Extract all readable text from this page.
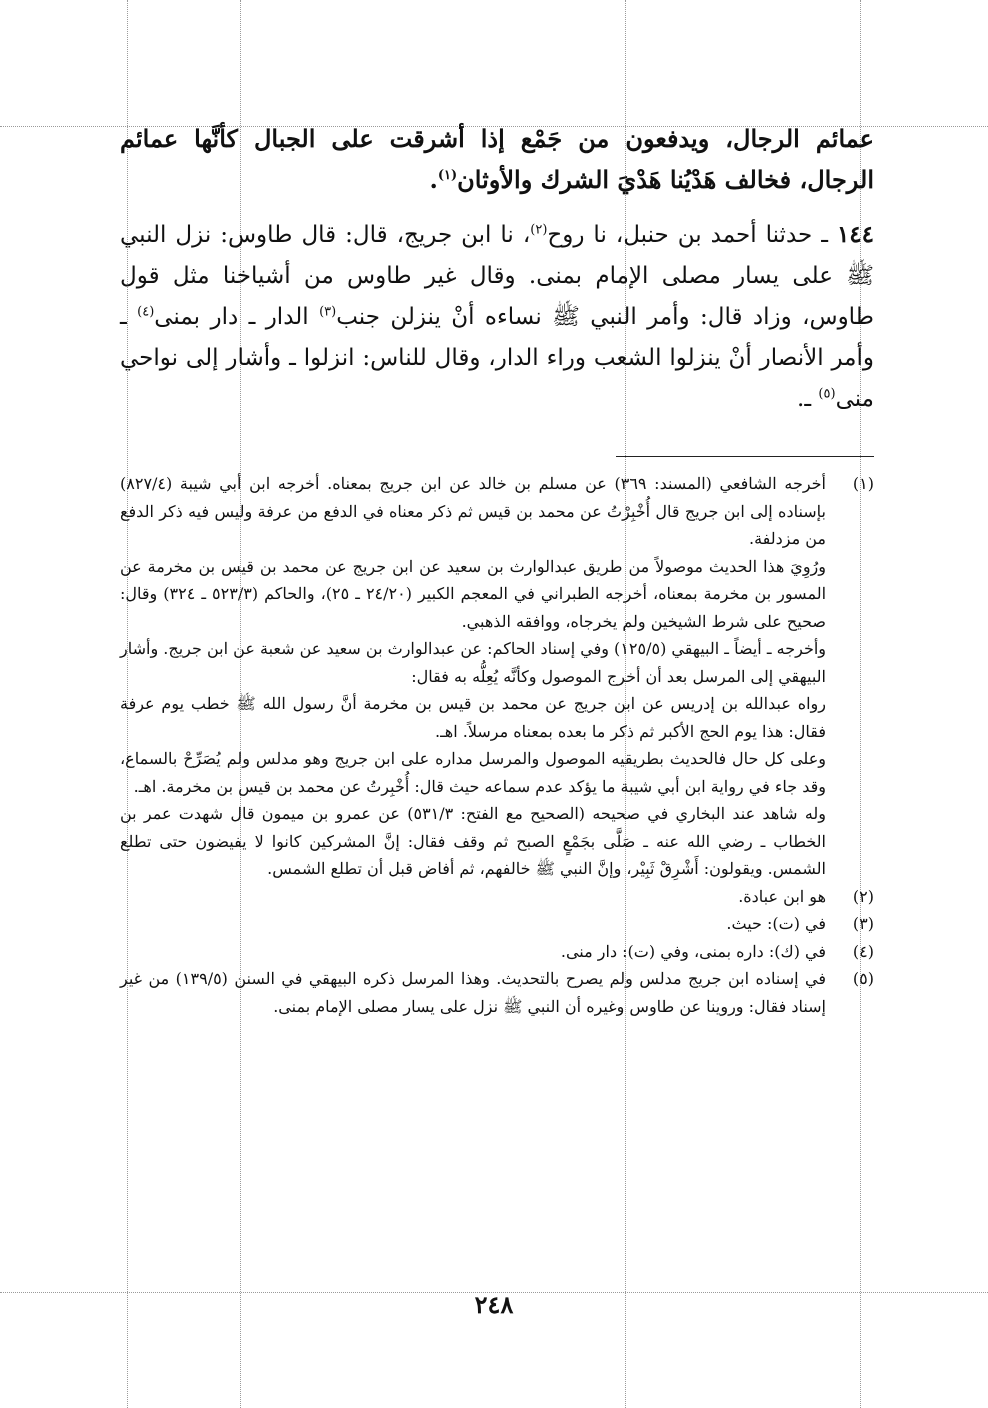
عمائم الرجال، ويدفعون من جَمْع إذا أشرقت على الجبال كأنَّها عمائم الرجال، فخالف هَدْيُنا هَدْيَ الشرك والأوثان$^{(١)}$.
١٤٤ ـ حدثنا أحمد بن حنبل، نا روح$^{(٢)}$، نا ابن جريج، قال: قال طاوس: نزل النبي ﷺ على يسار مصلى الإمام بمنى. وقال غير طاوس من أشياخنا مثل قول طاوس، وزاد قال: وأمر النبي ﷺ نساءه أنْ ينزلن جنب$^{(٣)}$ الدار ـ دار بمنى$^{(٤)}$ ـ وأمر الأنصار أنْ ينزلوا الشعب وراء الدار، وقال للناس: انزلوا ـ وأشار إلى نواحي منى$^{(٥)}$ ـ.
(١)

أخرجه الشافعي (المسند: ٣٦٩) عن مسلم بن خالد عن ابن جريج بمعناه. أخرجه ابن أبي شيبة (٨٢٧/٤) بإسناده إلى ابن جريج قال أُخْبِرْتُ عن محمد بن قيس ثم ذكر معناه في الدفع من عرفة وليس فيه ذكر الدفع من مزدلفة.

ورُوِيَ هذا الحديث موصولاً من طريق عبدالوارث بن سعيد عن ابن جريج عن محمد بن قيس بن مخرمة عن المسور بن مخرمة بمعناه، أخرجه الطبراني في المعجم الكبير (٢٤/٢٠ ـ ٢٥)، والحاكم (٥٢٣/٣ ـ ٣٢٤) وقال: صحيح على شرط الشيخين ولم يخرجاه، ووافقه الذهبي.

وأخرجه ـ أيضاً ـ البيهقي (١٢٥/٥) وفي إسناد الحاكم: عن عبدالوارث بن سعيد عن شعبة عن ابن جريج. وأشار البيهقي إلى المرسل بعد أن أخرج الموصول وكأنَّه يُعِلُّه به فقال:

رواه عبدالله بن إدريس عن ابن جريج عن محمد بن قيس بن مخرمة أنَّ رسول الله ﷺ خطب يوم عرفة فقال: هذا يوم الحج الأكبر ثم ذكر ما بعده بمعناه مرسلاً. اهـ.

وعلى كل حال فالحديث بطريقيه الموصول والمرسل مداره على ابن جريج وهو مدلس ولم يُصَرِّحْ بالسماع، وقد جاء في رواية ابن أبي شيبة ما يؤكد عدم سماعه حيث قال: أُخْبِرتُ عن محمد بن قيس بن مخرمة. اهـ.

وله شاهد عند البخاري في صحيحه (الصحيح مع الفتح: ٥٣١/٣) عن عمرو بن ميمون قال شهدت عمر بن الخطاب ـ رضي الله عنه ـ صَلَّى بجَمْعٍ الصبح ثم وقف فقال: إنَّ المشركين كانوا لا يفيضون حتى تطلع الشمس. ويقولون: أَشْرِقْ ثَبِيْر، وإنَّ النبي ﷺ خالفهم، ثم أفاض قبل أن تطلع الشمس.

(٢)

هو ابن عبادة.

(٣)

في (ت): حيث.

(٤)

في (ك): داره بمنى، وفي (ت): دار منى.

(٥)

في إسناده ابن جريج مدلس ولم يصرح بالتحديث. وهذا المرسل ذكره البيهقي في السنن (١٣٩/٥) من غير إسناد فقال: وروينا عن طاوس وغيره أن النبي ﷺ نزل على يسار مصلى الإمام بمنى.

٢٤٨
